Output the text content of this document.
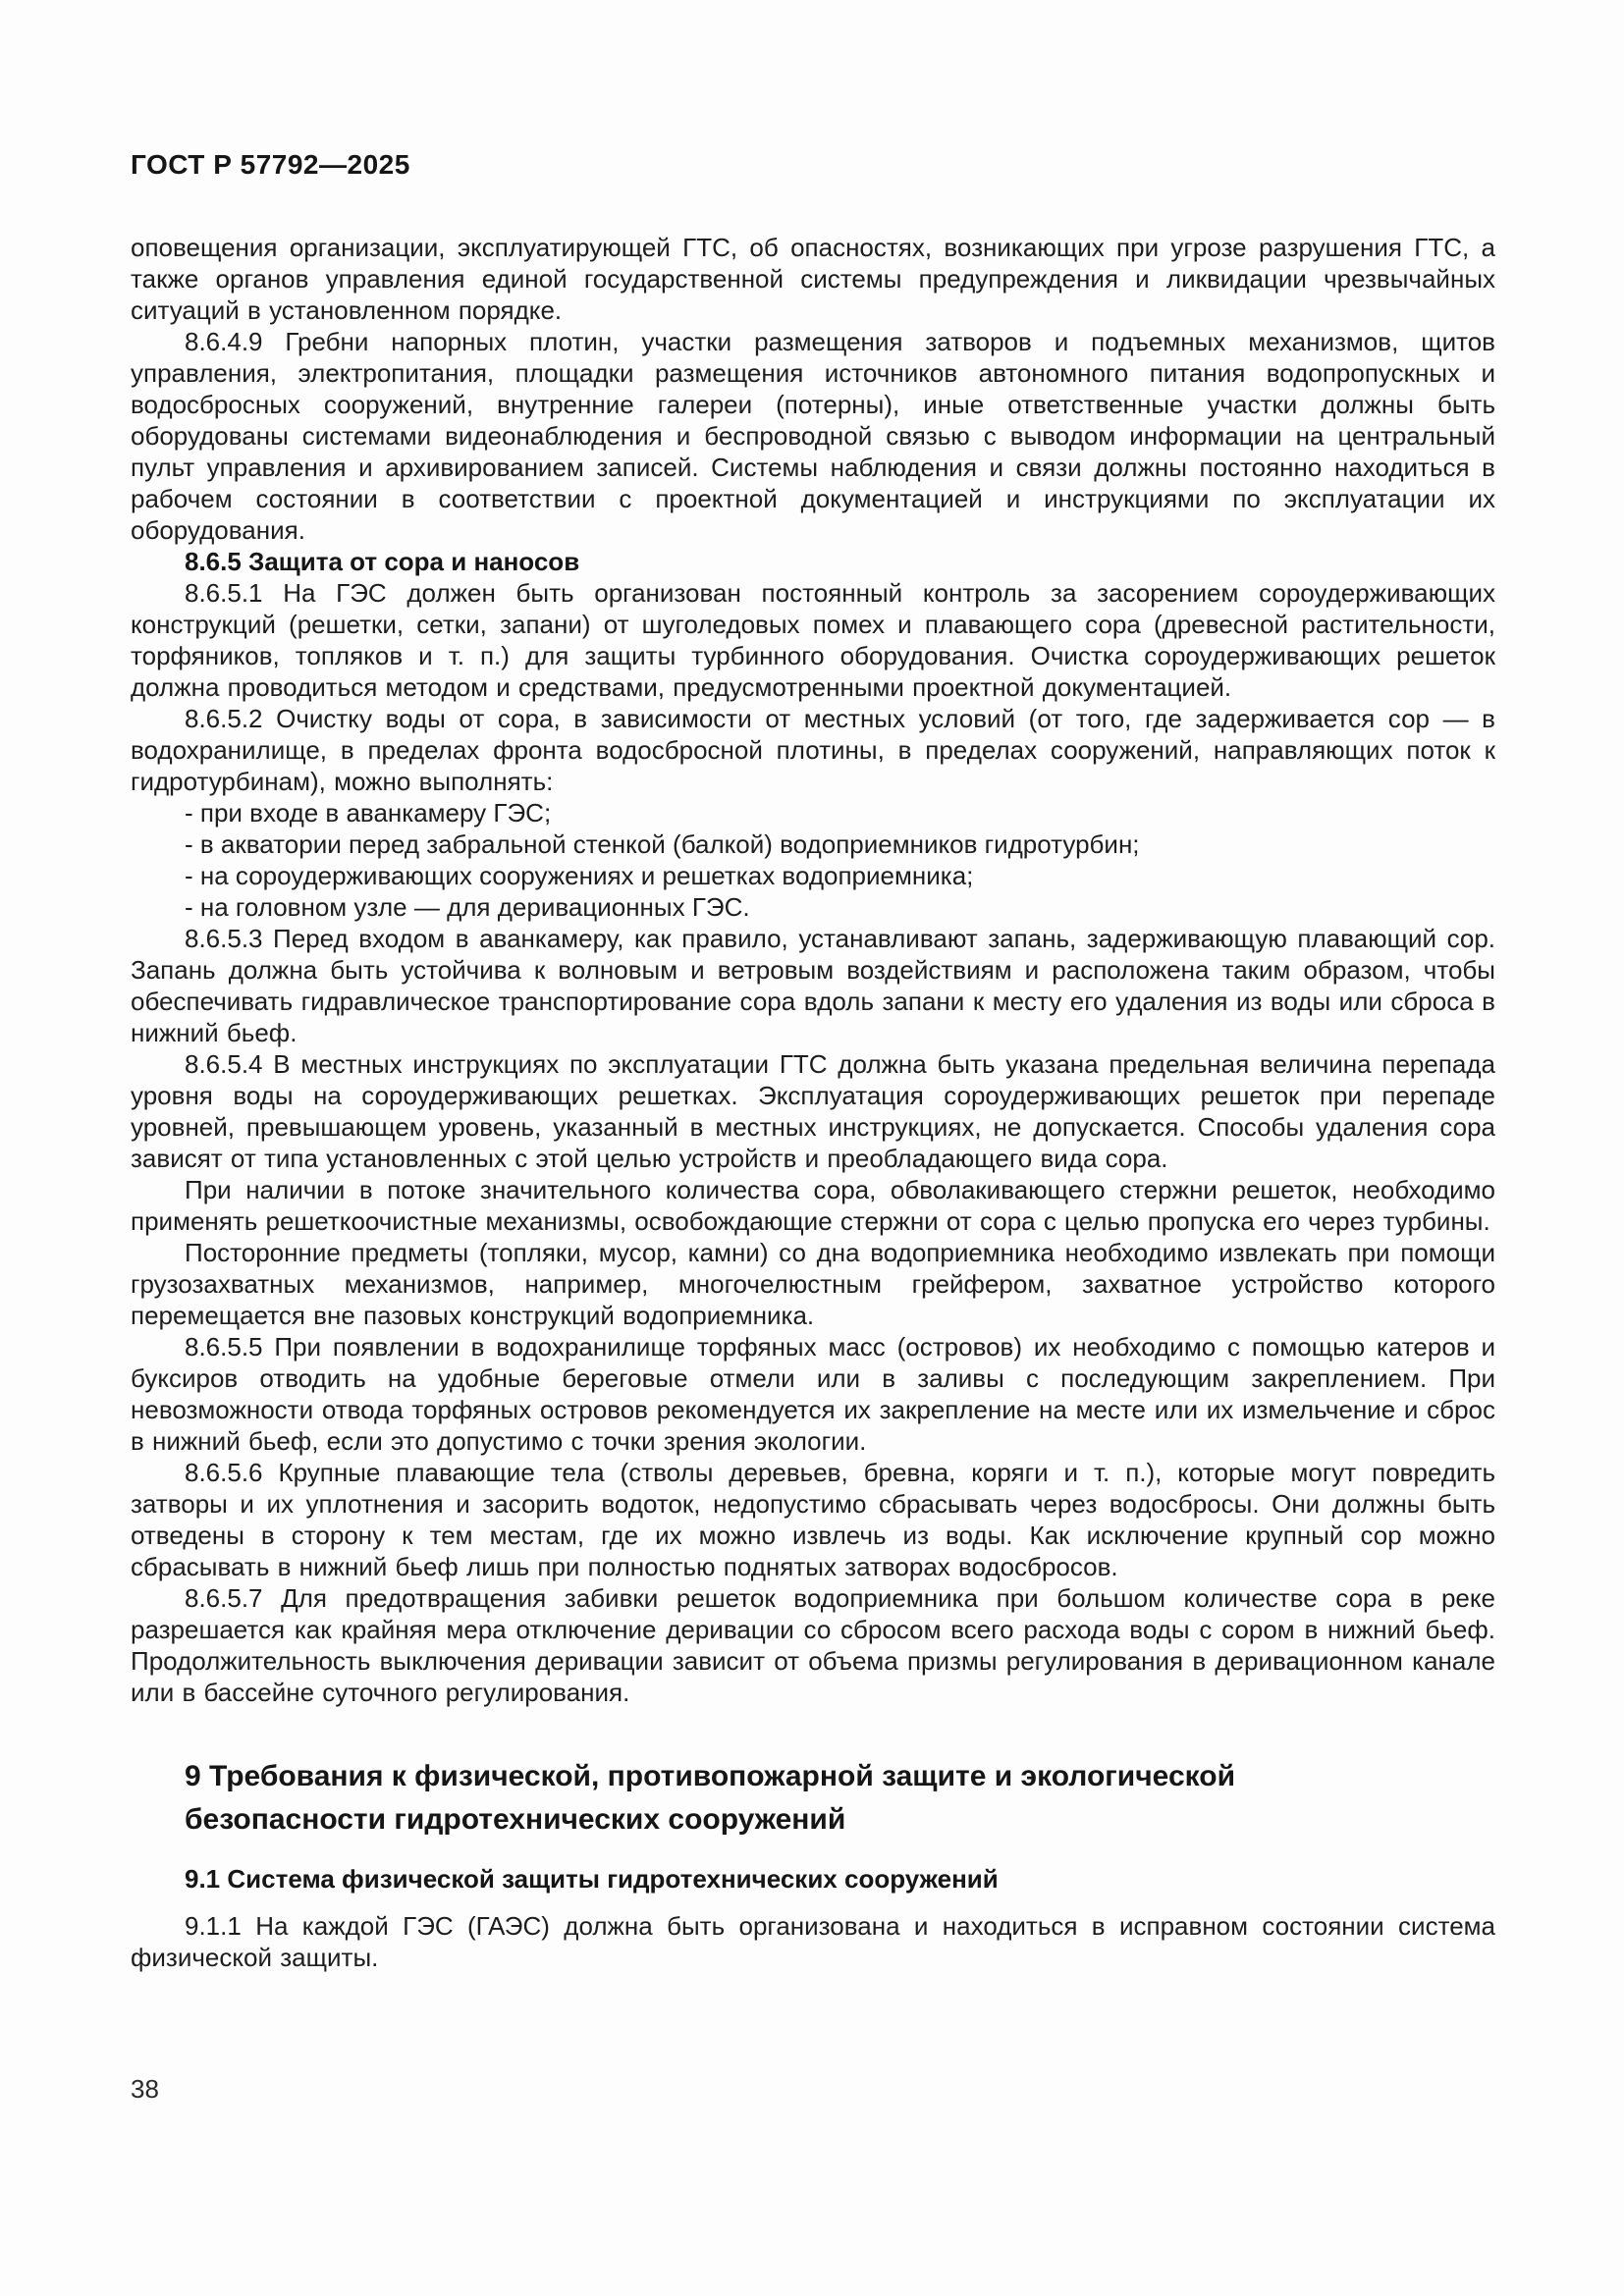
ГОСТ Р 57792—2025

оповещения организации, эксплуатирующей ГТС, об опасностях, возникающих при угрозе разрушения ГТС, а также органов управления единой государственной системы предупреждения и ликвидации чрезвычайных ситуаций в установленном порядке.

8.6.4.9 Гребни напорных плотин, участки размещения затворов и подъемных механизмов, щитов управления, электропитания, площадки размещения источников автономного питания водопропускных и водосбросных сооружений, внутренние галереи (потерны), иные ответственные участки должны быть оборудованы системами видеонаблюдения и беспроводной связью с выводом информации на центральный пульт управления и архивированием записей. Системы наблюдения и связи должны постоянно находиться в рабочем состоянии в соответствии с проектной документацией и инструкциями по эксплуатации их оборудования.

8.6.5 Защита от сора и наносов

8.6.5.1 На ГЭС должен быть организован постоянный контроль за засорением сороудерживающих конструкций (решетки, сетки, запани) от шуголедовых помех и плавающего сора (древесной растительности, торфяников, топляков и т. п.) для защиты турбинного оборудования. Очистка сороудерживающих решеток должна проводиться методом и средствами, предусмотренными проектной документацией.

8.6.5.2 Очистку воды от сора, в зависимости от местных условий (от того, где задерживается сор — в водохранилище, в пределах фронта водосбросной плотины, в пределах сооружений, направляющих поток к гидротурбинам), можно выполнять:

- при входе в аванкамеру ГЭС;

- в акватории перед забральной стенкой (балкой) водоприемников гидротурбин;

- на сороудерживающих сооружениях и решетках водоприемника;

- на головном узле — для деривационных ГЭС.

8.6.5.3 Перед входом в аванкамеру, как правило, устанавливают запань, задерживающую плавающий сор. Запань должна быть устойчива к волновым и ветровым воздействиям и расположена таким образом, чтобы обеспечивать гидравлическое транспортирование сора вдоль запани к месту его удаления из воды или сброса в нижний бьеф.

8.6.5.4 В местных инструкциях по эксплуатации ГТС должна быть указана предельная величина перепада уровня воды на сороудерживающих решетках. Эксплуатация сороудерживающих решеток при перепаде уровней, превышающем уровень, указанный в местных инструкциях, не допускается. Способы удаления сора зависят от типа установленных с этой целью устройств и преобладающего вида сора.

При наличии в потоке значительного количества сора, обволакивающего стержни решеток, необходимо применять решеткоочистные механизмы, освобождающие стержни от сора с целью пропуска его через турбины.

Посторонние предметы (топляки, мусор, камни) со дна водоприемника необходимо извлекать при помощи грузозахватных механизмов, например, многочелюстным грейфером, захватное устройство которого перемещается вне пазовых конструкций водоприемника.

8.6.5.5 При появлении в водохранилище торфяных масс (островов) их необходимо с помощью катеров и буксиров отводить на удобные береговые отмели или в заливы с последующим закреплением. При невозможности отвода торфяных островов рекомендуется их закрепление на месте или их измельчение и сброс в нижний бьеф, если это допустимо с точки зрения экологии.

8.6.5.6 Крупные плавающие тела (стволы деревьев, бревна, коряги и т. п.), которые могут повредить затворы и их уплотнения и засорить водоток, недопустимо сбрасывать через водосбросы. Они должны быть отведены в сторону к тем местам, где их можно извлечь из воды. Как исключение крупный сор можно сбрасывать в нижний бьеф лишь при полностью поднятых затворах водосбросов.

8.6.5.7 Для предотвращения забивки решеток водоприемника при большом количестве сора в реке разрешается как крайняя мера отключение деривации со сбросом всего расхода воды с сором в нижний бьеф. Продолжительность выключения деривации зависит от объема призмы регулирования в деривационном канале или в бассейне суточного регулирования.

9 Требования к физической, противопожарной защите и экологической безопасности гидротехнических сооружений
9.1 Система физической защиты гидротехнических сооружений

9.1.1 На каждой ГЭС (ГАЭС) должна быть организована и находиться в исправном состоянии система физической защиты.

38
